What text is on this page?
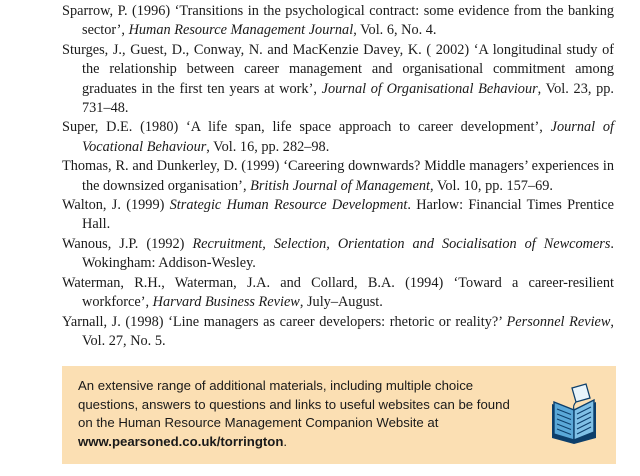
Sparrow, P. (1996) ‘Transitions in the psychological contract: some evidence from the banking sector’, Human Resource Management Journal, Vol. 6, No. 4.

Sturges, J., Guest, D., Conway, N. and MacKenzie Davey, K. ( 2002) ‘A longitudinal study of the relationship between career management and organisational commitment among graduates in the first ten years at work’, Journal of Organisational Behaviour, Vol. 23, pp. 731–48.

Super, D.E. (1980) ‘A life span, life space approach to career development’, Journal of Vocational Behaviour, Vol. 16, pp. 282–98.

Thomas, R. and Dunkerley, D. (1999) ‘Careering downwards? Middle managers’ experiences in the downsized organisation’, British Journal of Management, Vol. 10, pp. 157–69.

Walton, J. (1999) Strategic Human Resource Development. Harlow: Financial Times Prentice Hall.

Wanous, J.P. (1992) Recruitment, Selection, Orientation and Socialisation of Newcomers. Wokingham: Addison-Wesley.

Waterman, R.H., Waterman, J.A. and Collard, B.A. (1994) ‘Toward a career-resilient workforce’, Harvard Business Review, July–August.

Yarnall, J. (1998) ‘Line managers as career developers: rhetoric or reality?’ Personnel Review, Vol. 27, No. 5.

An extensive range of additional materials, including multiple choice questions, answers to questions and links to useful websites can be found on the Human Resource Management Companion Website at www.pearsoned.co.uk/torrington.
